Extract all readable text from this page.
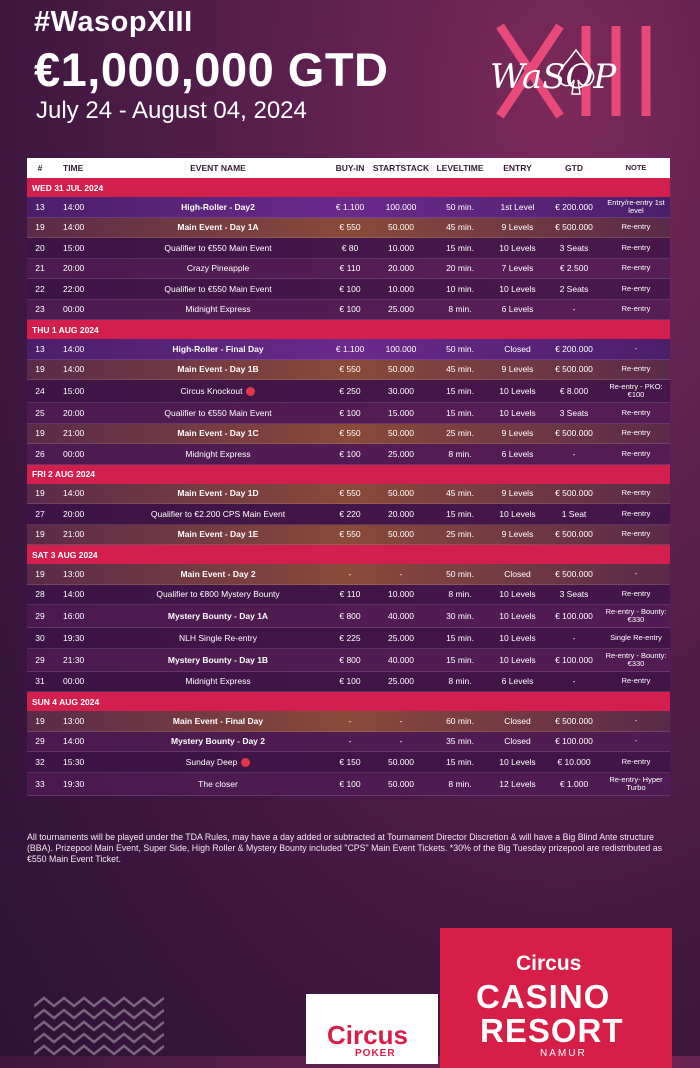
#WasopXIII
€1,000,000 GTD
July 24 - August 04, 2024
WaSOP
XIII
#	TIME	EVENT NAME	BUY-IN STARTSTACK LEVELTIME	ENTRY	GTD	NOTE
WED 31 JUL 2024
13	14:00	High-Roller - Day2	€ 1.100	100.000	50 min.	1st Level	€ 200.000	Entry/re-entry 1st level
19	14:00	Main Event - Day 1A	€ 550	50.000	45 min.	9 Levels	€ 500.000	Re-entry
20	15:00	Qualifier to €550 Main Event	€ 80	10.000	15 min.	10 Levels	3 Seats	Re-entry
21	20:00	Crazy Pineapple	€ 110	20.000	20 min.	7 Levels	€ 2.500	Re-entry
22	22:00	Qualifier to €550 Main Event	€ 100	10.000	10 min.	10 Levels	2 Seats	Re-entry
23	00:00	Midnight Express	€ 100	25.000	8 min.	6 Levels	-	Re-entry
THU 1 AUG 2024
13	14:00	High-Roller - Final Day	€ 1.100	100.000	50 min.	Closed	€ 200.000	-
19	14:00	Main Event - Day 1B	€ 550	50.000	45 min.	9 Levels	€ 500.000	Re-entry
24	15:00	Circus Knockout	€ 250	30.000	15 min.	10 Levels	€ 8.000	Re-entry - PKO: €100
25	20:00	Qualifier to €550 Main Event	€ 100	15.000	15 min.	10 Levels	3 Seats	Re-entry
19	21:00	Main Event - Day 1C	€ 550	50.000	25 min.	9 Levels	€ 500.000	Re-entry
26	00:00	Midnight Express	€ 100	25.000	8 min.	6 Levels	-	Re-entry
FRI 2 AUG 2024
19	14:00	Main Event - Day 1D	€ 550	50.000	45 min.	9 Levels	€ 500.000	Re-entry
27	20:00	Qualifier to €2.200 CPS Main Event	€ 220	20.000	15 min.	10 Levels	1 Seat	Re-entry
19	21:00	Main Event - Day 1E	€ 550	50.000	25 min.	9 Levels	€ 500.000	Re-entry
SAT 3 AUG 2024
19	13:00	Main Event - Day 2	-	-	50 min.	Closed	€ 500.000	-
28	14:00	Qualifier to €800 Mystery Bounty	€ 110	10.000	8 min.	10 Levels	3 Seats	Re-entry
29	16:00	Mystery Bounty - Day 1A	€ 800	40.000	30 min.	10 Levels	€ 100.000	Re-entry - Bounty: €330
30	19:30	NLH Single Re-entry	€ 225	25.000	15 min.	10 Levels	-	Single Re-entry
29	21:30	Mystery Bounty - Day 1B	€ 800	40.000	15 min.	10 Levels	€ 100.000	Re-entry - Bounty: €330
31	00:00	Midnight Express	€ 100	25.000	8 min.	6 Levels	-	Re-entry
SUN 4 AUG 2024
19	13:00	Main Event - Final Day	-	-	60 min.	Closed	€ 500.000	-
29	14:00	Mystery Bounty - Day 2	-	-	35 min.	Closed	€ 100.000	-
32	15:30	Sunday Deep	€ 150	50.000	15 min.	10 Levels	€ 10.000	Re-entry
33	19:30	The closer	€ 100	50.000	8 min.	12 Levels	€ 1.000	Re-entry- Hyper Turbo
All tournaments will be played under the TDA Rules, may have a day added or subtracted at Tournament Director Discretion & will have a Big Blind Ante structure (BBA). Prizepool Main Event, Super Side, High Roller & Mystery Bounty included "CPS" Main Event Tickets. *30% of the Big Tuesday prizepool are redistributed as €550 Main Event Ticket.
Circus
POKER
Circus
CASINO
RESORT
NAMUR
